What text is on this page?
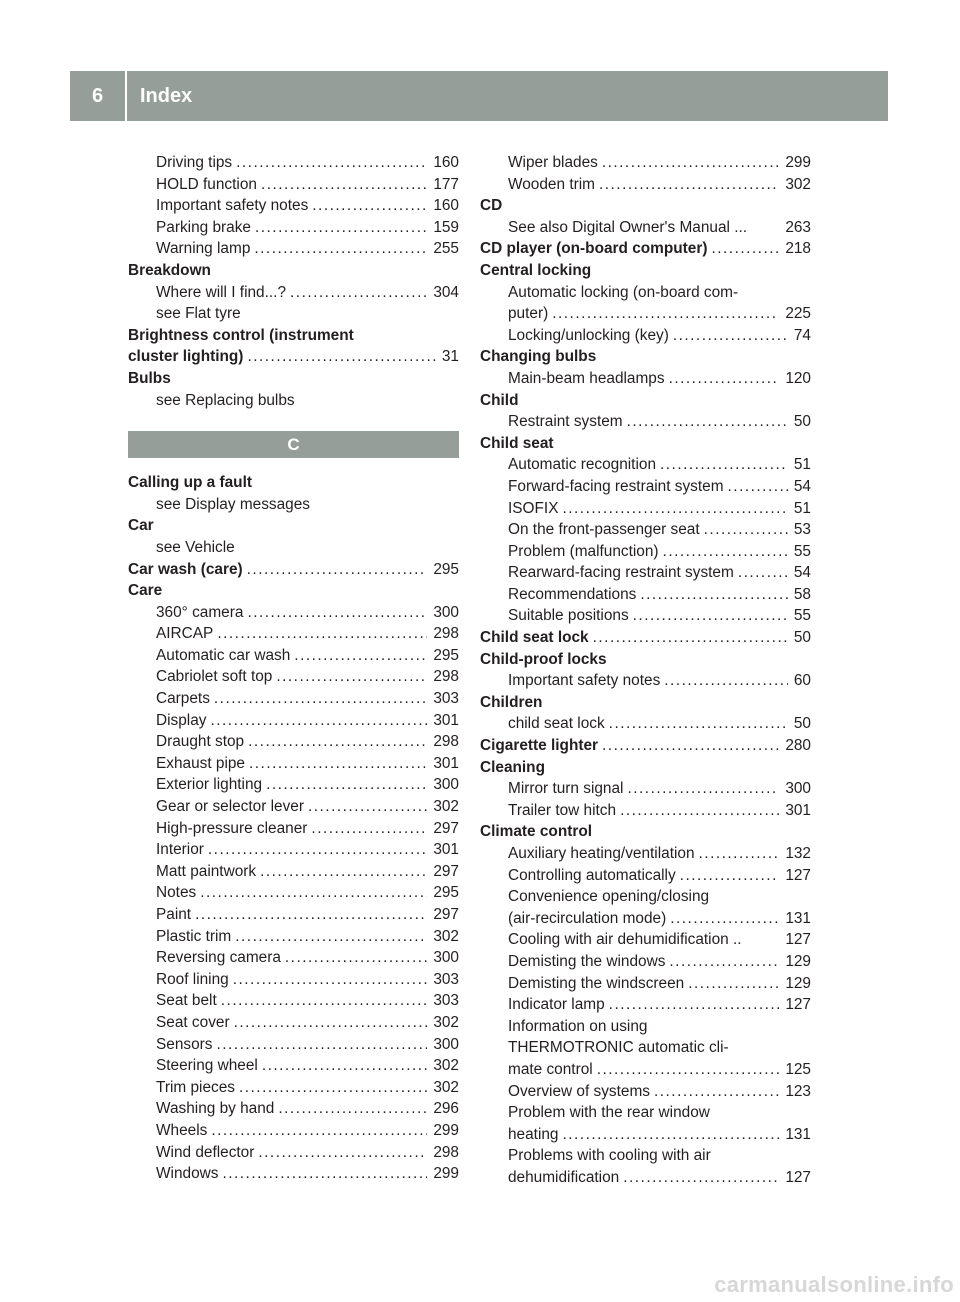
6	Index
Driving tips .....	160
HOLD function .....	177
Important safety notes .....	160
Parking brake .....	159
Warning lamp .....	255
Breakdown
Where will I find...? .....	304
see Flat tyre
Brightness control (instrument
cluster lighting) .....	31
Bulbs
see Replacing bulbs
C
Calling up a fault
see Display messages
Car
see Vehicle
Car wash (care) .....	295
Care
360° camera .....	300
AIRCAP .....	298
Automatic car wash .....	295
Cabriolet soft top .....	298
Carpets .....	303
Display .....	301
Draught stop .....	298
Exhaust pipe .....	301
Exterior lighting .....	300
Gear or selector lever .....	302
High-pressure cleaner .....	297
Interior .....	301
Matt paintwork .....	297
Notes .....	295
Paint .....	297
Plastic trim .....	302
Reversing camera .....	300
Roof lining .....	303
Seat belt .....	303
Seat cover .....	302
Sensors .....	300
Steering wheel .....	302
Trim pieces .....	302
Washing by hand .....	296
Wheels .....	299
Wind deflector .....	298
Windows .....	299
Wiper blades .....	299
Wooden trim .....	302
CD
See also Digital Owner's Manual ... 263
CD player (on-board computer) .....	218
Central locking
Automatic locking (on-board com-
puter) .....	225
Locking/unlocking (key) .....	74
Changing bulbs
Main-beam headlamps .....	120
Child
Restraint system .....	50
Child seat
Automatic recognition .....	51
Forward-facing restraint system .....	54
ISOFIX .....	51
On the front-passenger seat .....	53
Problem (malfunction) .....	55
Rearward-facing restraint system .....	54
Recommendations .....	58
Suitable positions .....	55
Child seat lock .....	50
Child-proof locks
Important safety notes .....	60
Children
child seat lock .....	50
Cigarette lighter .....	280
Cleaning
Mirror turn signal .....	300
Trailer tow hitch .....	301
Climate control
Auxiliary heating/ventilation .....	132
Controlling automatically .....	127
Convenience opening/closing
(air-recirculation mode) .....	131
Cooling with air dehumidification ..	127
Demisting the windows .....	129
Demisting the windscreen .....	129
Indicator lamp .....	127
Information on using
THERMOTRONIC automatic cli-
mate control .....	125
Overview of systems .....	123
Problem with the rear window
heating .....	131
Problems with cooling with air
dehumidification .....	127
carmanualsonline.info
